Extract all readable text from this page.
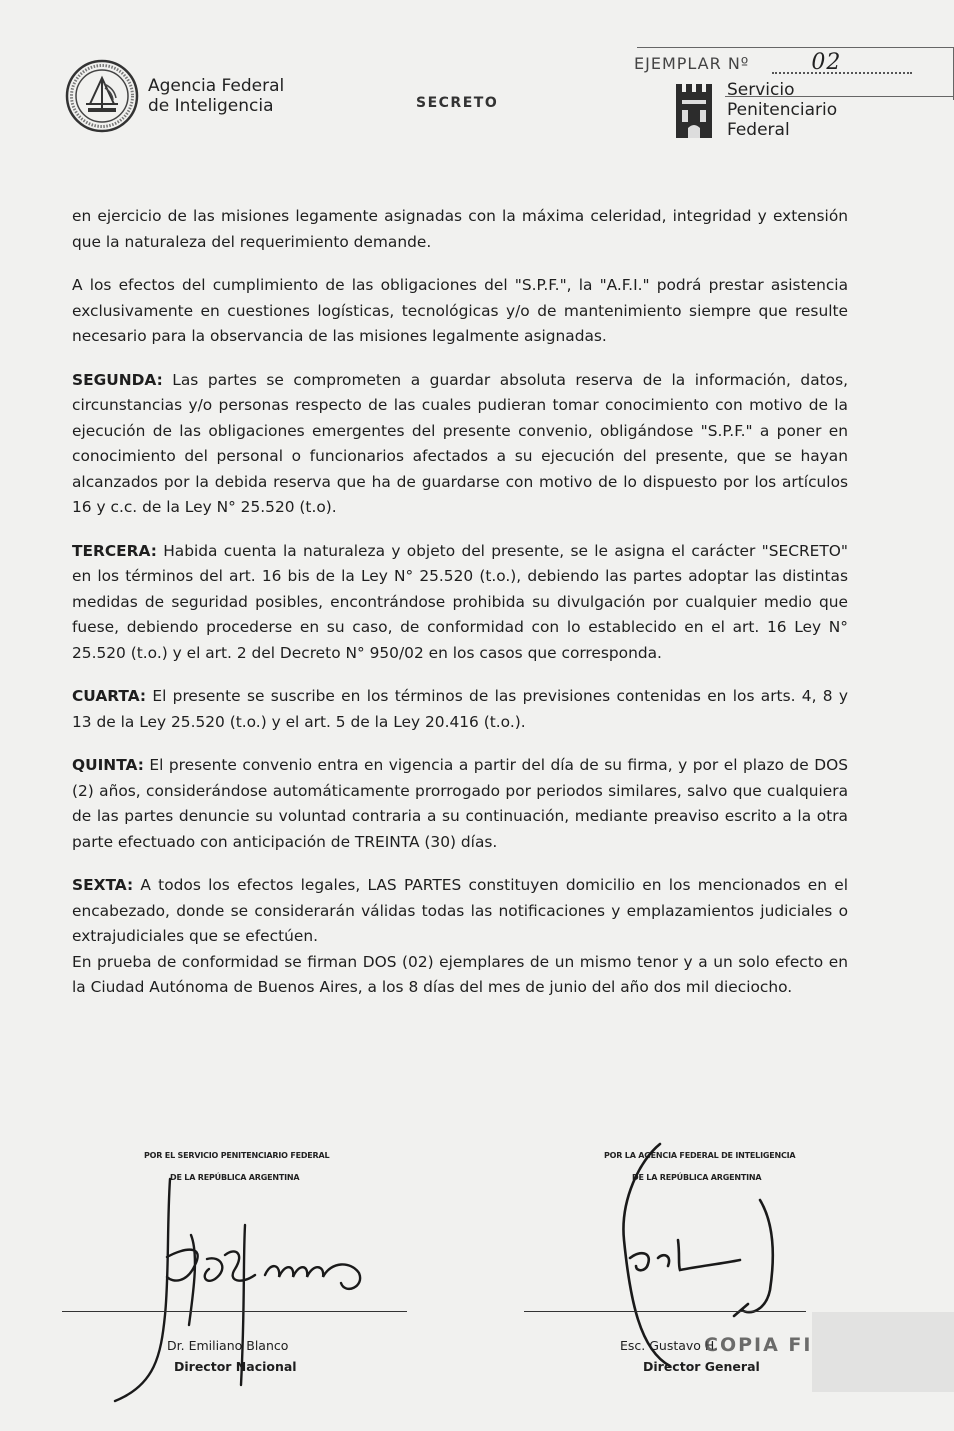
Agencia Federal
de Inteligencia	SECRETO
EJEMPLAR Nº	02
Servicio
Penitenciario
Federal

en ejercicio de las misiones legamente asignadas con la máxima celeridad, integridad y extensión que la naturaleza del requerimiento demande.

A los efectos del cumplimiento de las obligaciones del "S.P.F.", la "A.F.I." podrá prestar asistencia exclusivamente en cuestiones logísticas, tecnológicas y/o de mantenimiento siempre que resulte necesario para la observancia de las misiones legalmente asignadas.

SEGUNDA: Las partes se comprometen a guardar absoluta reserva de la información, datos, circunstancias y/o personas respecto de las cuales pudieran tomar conocimiento con motivo de la ejecución de las obligaciones emergentes del presente convenio, obligándose "S.P.F." a poner en conocimiento del personal o funcionarios afectados a su ejecución del presente, que se hayan alcanzados por la debida reserva que ha de guardarse con motivo de lo dispuesto por los artículos 16 y c.c. de la Ley N° 25.520 (t.o).

TERCERA: Habida cuenta la naturaleza y objeto del presente, se le asigna el carácter "SECRETO" en los términos del art. 16 bis de la Ley N° 25.520 (t.o.), debiendo las partes adoptar las distintas medidas de seguridad posibles, encontrándose prohibida su divulgación por cualquier medio que fuese, debiendo procederse en su caso, de conformidad con lo establecido en el art. 16 Ley N° 25.520 (t.o.) y el art. 2 del Decreto N° 950/02 en los casos que corresponda.

CUARTA: El presente se suscribe en los términos de las previsiones contenidas en los arts. 4, 8 y 13 de la Ley 25.520 (t.o.) y el art. 5 de la Ley 20.416 (t.o.).

QUINTA: El presente convenio entra en vigencia a partir del día de su firma, y por el plazo de DOS (2) años, considerándose automáticamente prorrogado por periodos similares, salvo que cualquiera de las partes denuncie su voluntad contraria a su continuación, mediante preaviso escrito a la otra parte efectuado con anticipación de TREINTA (30) días.

SEXTA: A todos los efectos legales, LAS PARTES constituyen domicilio en los mencionados en el encabezado, donde se considerarán válidas todas las notificaciones y emplazamientos judiciales o extrajudiciales que se efectúen.

En prueba de conformidad se firman DOS (02) ejemplares de un mismo tenor y a un solo efecto en la Ciudad Autónoma de Buenos Aires, a los 8 días del mes de junio del año dos mil dieciocho.

POR EL SERVICIO PENITENCIARIO FEDERAL
DE LA REPÚBLICA ARGENTINA
Dr. Emiliano Blanco
Director Nacional
POR LA AGENCIA FEDERAL DE INTELIGENCIA
DE LA REPÚBLICA ARGENTINA
Esc. Gustavo H.
Director General
COPIA FI
